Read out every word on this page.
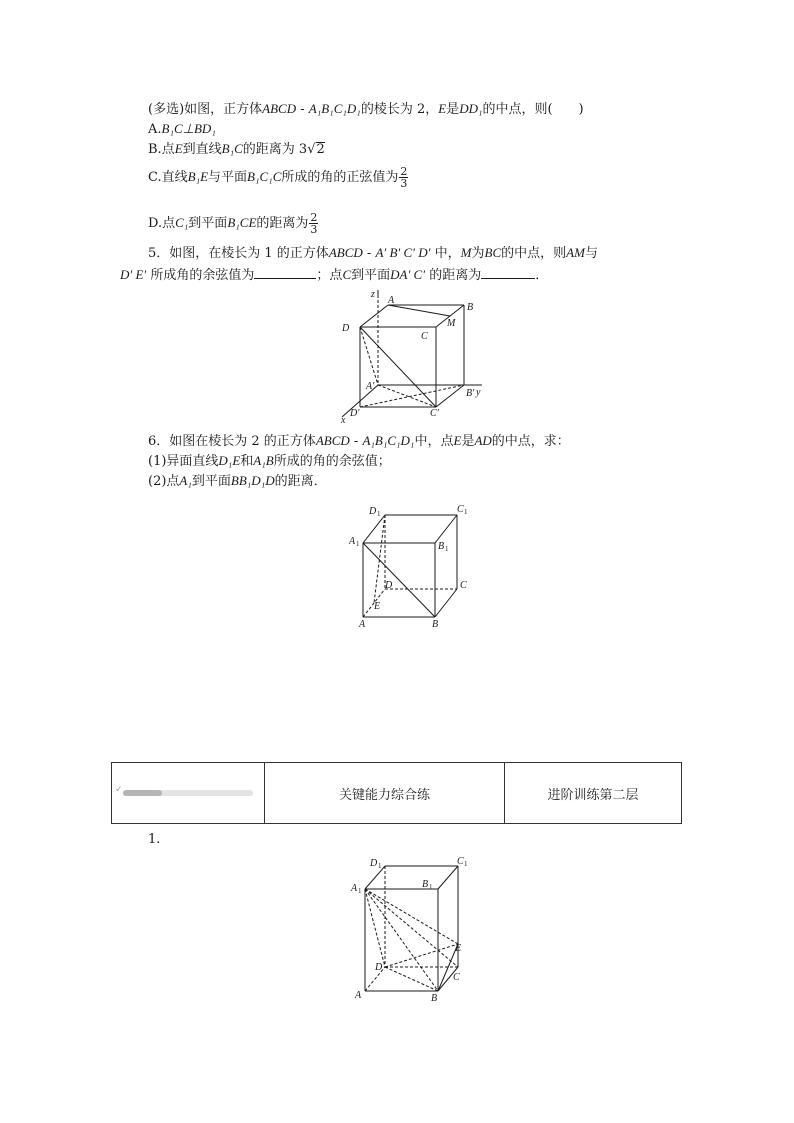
(多选)如图，正方体ABCD - A₁B₁C₁D₁的棱长为 2，E是DD₁的中点，则(　　)
A.B₁C⊥BD₁
B.点E到直线B₁C的距离为 3√2
C.直线B₁E与平面B₁C₁C所成的角的正弦值为 $\frac{2}{3}$
D.点C₁到平面B₁CE的距离为 $\frac{2}{3}$
5．如图，在棱长为 1 的正方体ABCD - A′ B′ C′ D′ 中，M为BC的中点，则AM与
D′ E′ 所成角的余弦值为	；点C到平面DA′ C′ 的距离为	．
z
A
B
D	M
C
A′
B′ y
x
D′	C′
6．如图在棱长为 2 的正方体ABCD - A₁B₁C₁D₁中，点E是AD的中点，求：
(1)异面直线D₁E和A₁B所成的角的余弦值；
(2)点A₁到平面BB₁D₁D的距离．
D 1	C 1
A 1	B 1
D	C
E
A	B
✓	关键能力综合练	进阶训练第二层
1.
D 1	C 1
A 1
B 1
E
D
C
A	B
